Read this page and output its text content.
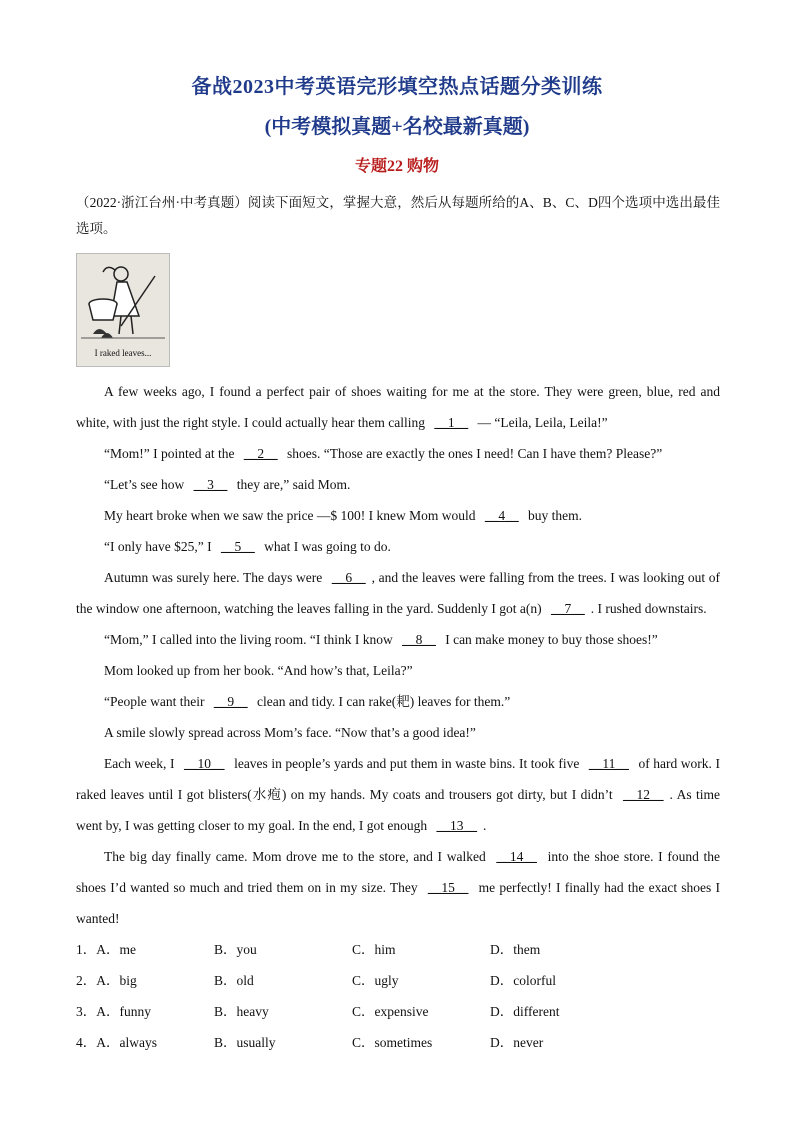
备战2023中考英语完形填空热点话题分类训练
(中考模拟真题+名校最新真题)
专题22 购物
（2022·浙江台州·中考真题）阅读下面短文，掌握大意，然后从每题所给的A、B、C、D四个选项中选出最佳选项。
I raked leaves...

A few weeks ago, I found a perfect pair of shoes waiting for me at the store. They were green, blue, red and white, with just the right style. I could actually hear them calling __1__ — “Leila, Leila, Leila!”

“Mom!” I pointed at the __2__ shoes. “Those are exactly the ones I need! Can I have them? Please?”

“Let’s see how __3__ they are,” said Mom.

My heart broke when we saw the price —$ 100! I knew Mom would __4__ buy them.

“I only have $25,” I __5__ what I was going to do.

Autumn was surely here. The days were __6__ , and the leaves were falling from the trees. I was looking out of the window one afternoon, watching the leaves falling in the yard. Suddenly I got a(n) __7__ . I rushed downstairs.

“Mom,” I called into the living room. “I think I know __8__ I can make money to buy those shoes!”

Mom looked up from her book. “And how’s that, Leila?”

“People want their __9__ clean and tidy. I can rake(耙) leaves for them.”

A smile slowly spread across Mom’s face. “Now that’s a good idea!”

Each week, I __10__ leaves in people’s yards and put them in waste bins. It took five __11__ of hard work. I raked leaves until I got blisters(水疱) on my hands. My coats and trousers got dirty, but I didn’t __12__ . As time went by, I was getting closer to my goal. In the end, I got enough __13__ .

The big day finally came. Mom drove me to the store, and I walked __14__ into the shoe store. I found the shoes I’d wanted so much and tried them on in my size. They __15__ me perfectly! I finally had the exact shoes I wanted!

1．A．me	B．you	C．him	D．them
2．A．big	B．old	C．ugly	D．colorful
3．A．funny	B．heavy	C．expensive	D．different
4．A．always	B．usually	C．sometimes	D．never
